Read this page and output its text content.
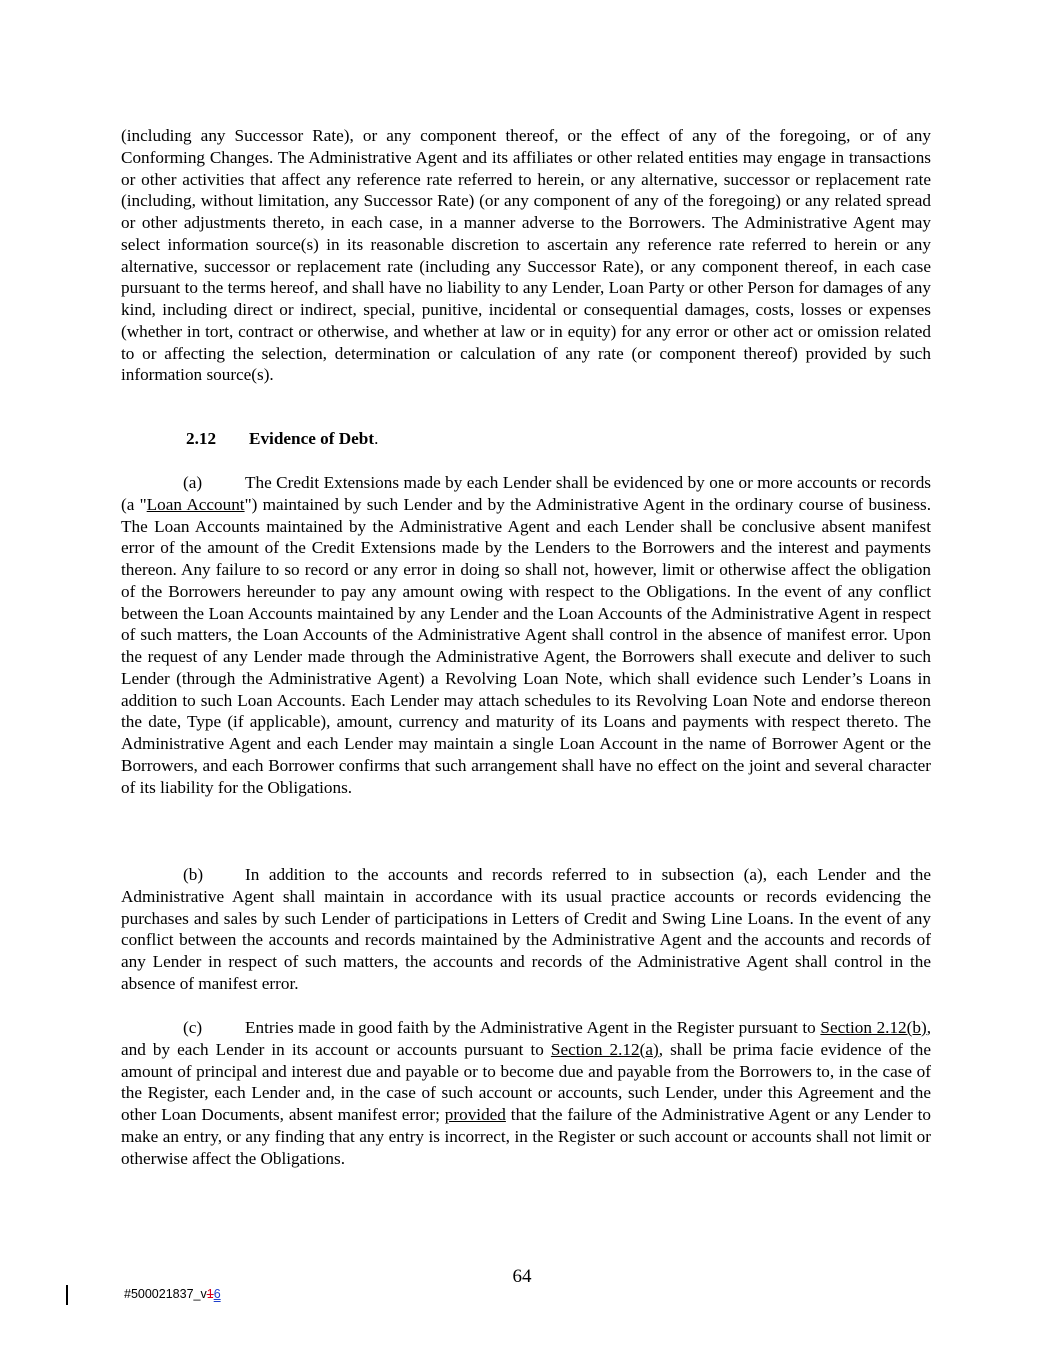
(including any Successor Rate), or any component thereof, or the effect of any of the foregoing, or of any Conforming Changes. The Administrative Agent and its affiliates or other related entities may engage in transactions or other activities that affect any reference rate referred to herein, or any alternative, successor or replacement rate (including, without limitation, any Successor Rate) (or any component of any of the foregoing) or any related spread or other adjustments thereto, in each case, in a manner adverse to the Borrowers. The Administrative Agent may select information source(s) in its reasonable discretion to ascertain any reference rate referred to herein or any alternative, successor or replacement rate (including any Successor Rate), or any component thereof, in each case pursuant to the terms hereof, and shall have no liability to any Lender, Loan Party or other Person for damages of any kind, including direct or indirect, special, punitive, incidental or consequential damages, costs, losses or expenses (whether in tort, contract or otherwise, and whether at law or in equity) for any error or other act or omission related to or affecting the selection, determination or calculation of any rate (or component thereof) provided by such information source(s).

2.12 Evidence of Debt.

(a) The Credit Extensions made by each Lender shall be evidenced by one or more accounts or records (a "Loan Account") maintained by such Lender and by the Administrative Agent in the ordinary course of business. The Loan Accounts maintained by the Administrative Agent and each Lender shall be conclusive absent manifest error of the amount of the Credit Extensions made by the Lenders to the Borrowers and the interest and payments thereon. Any failure to so record or any error in doing so shall not, however, limit or otherwise affect the obligation of the Borrowers hereunder to pay any amount owing with respect to the Obligations. In the event of any conflict between the Loan Accounts maintained by any Lender and the Loan Accounts of the Administrative Agent in respect of such matters, the Loan Accounts of the Administrative Agent shall control in the absence of manifest error. Upon the request of any Lender made through the Administrative Agent, the Borrowers shall execute and deliver to such Lender (through the Administrative Agent) a Revolving Loan Note, which shall evidence such Lender’s Loans in addition to such Loan Accounts. Each Lender may attach schedules to its Revolving Loan Note and endorse thereon the date, Type (if applicable), amount, currency and maturity of its Loans and payments with respect thereto. The Administrative Agent and each Lender may maintain a single Loan Account in the name of Borrower Agent or the Borrowers, and each Borrower confirms that such arrangement shall have no effect on the joint and several character of its liability for the Obligations.

(b) In addition to the accounts and records referred to in subsection (a), each Lender and the Administrative Agent shall maintain in accordance with its usual practice accounts or records evidencing the purchases and sales by such Lender of participations in Letters of Credit and Swing Line Loans. In the event of any conflict between the accounts and records maintained by the Administrative Agent and the accounts and records of any Lender in respect of such matters, the accounts and records of the Administrative Agent shall control in the absence of manifest error.

(c) Entries made in good faith by the Administrative Agent in the Register pursuant to Section 2.12(b), and by each Lender in its account or accounts pursuant to Section 2.12(a), shall be prima facie evidence of the amount of principal and interest due and payable or to become due and payable from the Borrowers to, in the case of the Register, each Lender and, in the case of such account or accounts, such Lender, under this Agreement and the other Loan Documents, absent manifest error; provided that the failure of the Administrative Agent or any Lender to make an entry, or any finding that any entry is incorrect, in the Register or such account or accounts shall not limit or otherwise affect the Obligations.

64
#500021837_v16
